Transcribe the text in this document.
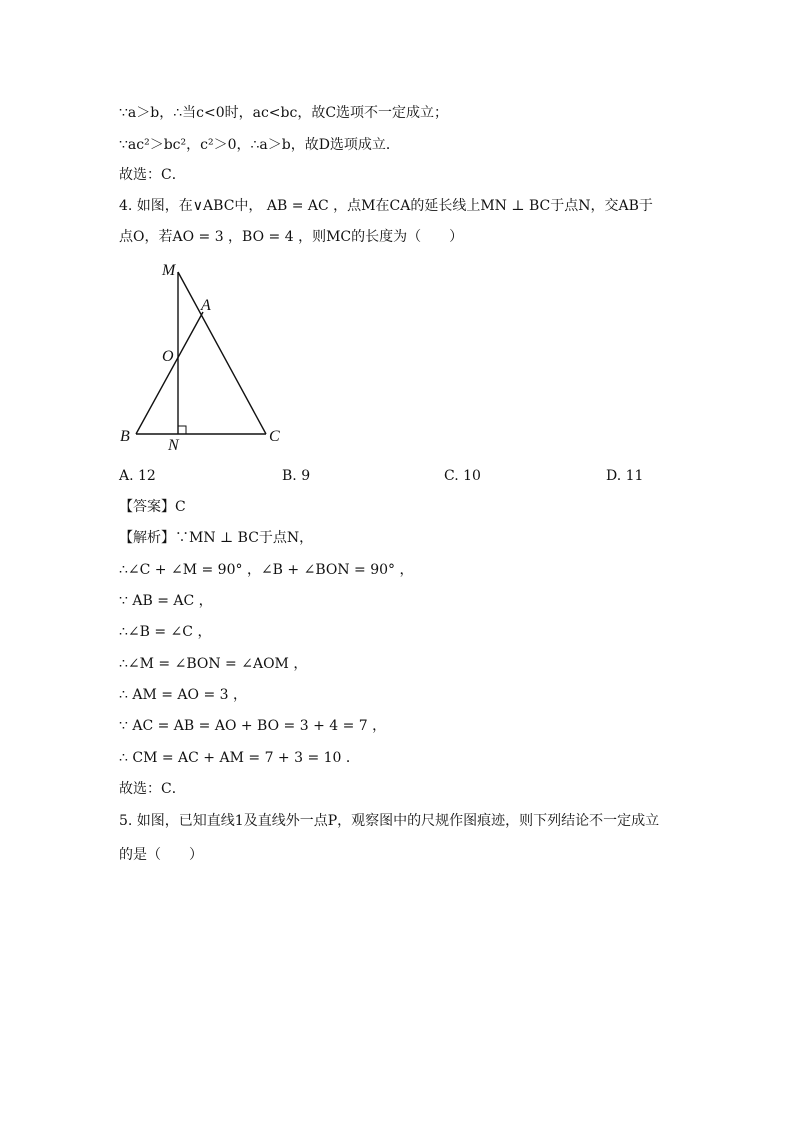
∵a＞b，∴当c<0时，ac<bc，故C选项不一定成立；
∵ac²＞bc²，c²＞0，∴a＞b，故D选项成立．
故选：C．
4. 如图，在∨ABC中， AB = AC ，点M在CA的延长线上MN ⊥ BC于点N，交AB于
点O，若AO = 3 ，BO = 4 ，则MC的长度为（　　）
M
A
O
B
N
C
A. 12	B. 9	C. 10	D. 11
【答案】C
【解析】∵MN ⊥ BC于点N，
∴∠C + ∠M = 90° ，∠B + ∠BON = 90° ，
∵ AB = AC ，
∴∠B = ∠C ，
∴∠M = ∠BON = ∠AOM ，
∴ AM = AO = 3 ，
∵ AC = AB = AO + BO = 3 + 4 = 7 ，
∴ CM = AC + AM = 7 + 3 = 10 ．
故选：C．
5. 如图，已知直线1及直线外一点P，观察图中的尺规作图痕迹，则下列结论不一定成立
的是（　　）
